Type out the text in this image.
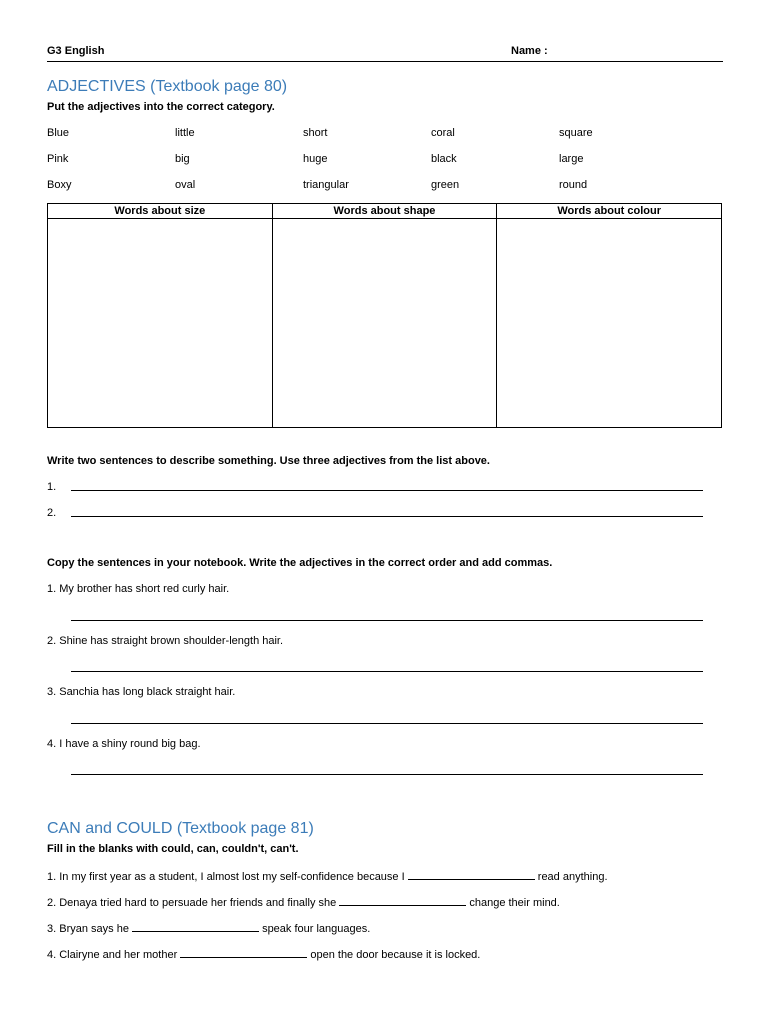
G3 English	Name :
ADJECTIVES (Textbook page 80)
Put the adjectives into the correct category.
Blue	little	short	coral	square
Pink	big	huge	black	large
Boxy	oval	triangular	green	round
Words about size	Words about shape	Words about colour

Write two sentences to describe something. Use three adjectives from the list above.
1.
2.
Copy the sentences in your notebook. Write the adjectives in the correct order and add commas.
1. My brother has short red curly hair.
2. Shine has straight brown shoulder-length hair.
3. Sanchia has long black straight hair.
4. I have a shiny round big bag.
CAN and COULD (Textbook page 81)
Fill in the blanks with could, can, couldn't, can't.
1. In my first year as a student, I almost lost my self-confidence because I	read anything.
2. Denaya tried hard to persuade her friends and finally she	change their mind.
3. Bryan says he	speak four languages.
4. Clairyne and her mother	open the door because it is locked.
